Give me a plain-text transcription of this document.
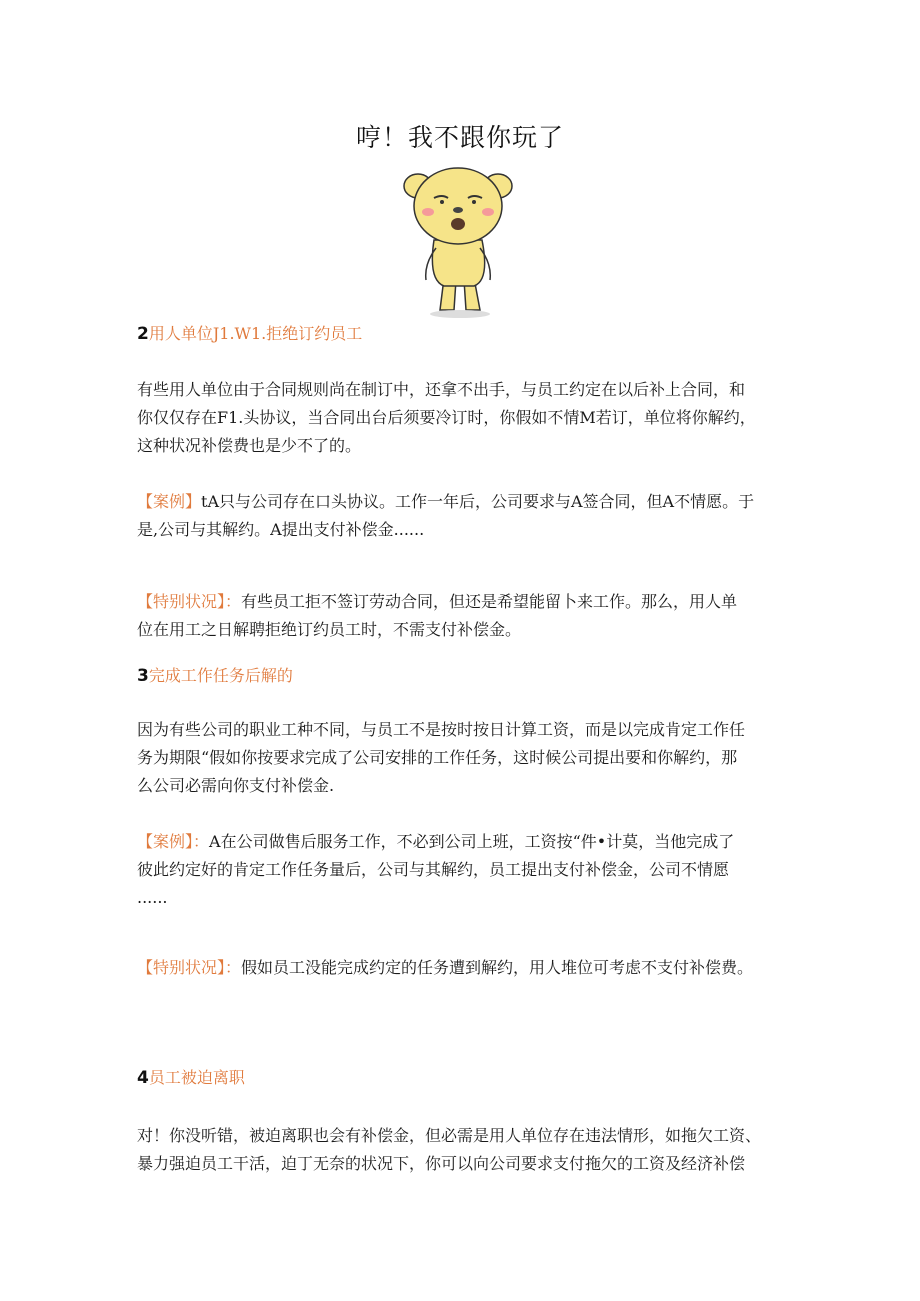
哼！我不跟你玩了
2用人单位J1.W1.拒绝订约员工

有些用人单位由于合同规则尚在制订中，还拿不出手，与员工约定在以后补上合同，和

你仅仅存在F1.头协议，当合同出台后须要冷订时，你假如不情M若订，单位将你解约，

这种状况补偿费也是少不了的。

【案例】tA只与公司存在口头协议。工作一年后，公司要求与A签合同，但A不情愿。于

是,公司与其解约。A提出支付补偿金......

【特别状况】：有些员工拒不签订劳动合同，但还是希望能留卜来工作。那么，用人单

位在用工之日解聘拒绝订约员工时，不需支付补偿金。

3完成工作任务后解的

因为有些公司的职业工种不同，与员工不是按时按日计算工资，而是以完成肯定工作任

务为期限“假如你按要求完成了公司安排的工作任务，这时候公司提出要和你解约，那

么公司必需向你支付补偿金.

【案例】：A在公司做售后服务工作，不必到公司上班，工资按“件•计莫，当他完成了

彼此约定好的肯定工作任务量后，公司与其解约，员工提出支付补偿金，公司不情愿

......

【特别状况】：假如员工没能完成约定的任务遭到解约，用人堆位可考虑不支付补偿费。

4员工被迫离职

对！你没听错，被迫离职也会有补偿金，但必需是用人单位存在违法情形，如拖欠工资、

暴力强迫员工干活，迫丁无奈的状况下，你可以向公司要求支付拖欠的工资及经济补偿
